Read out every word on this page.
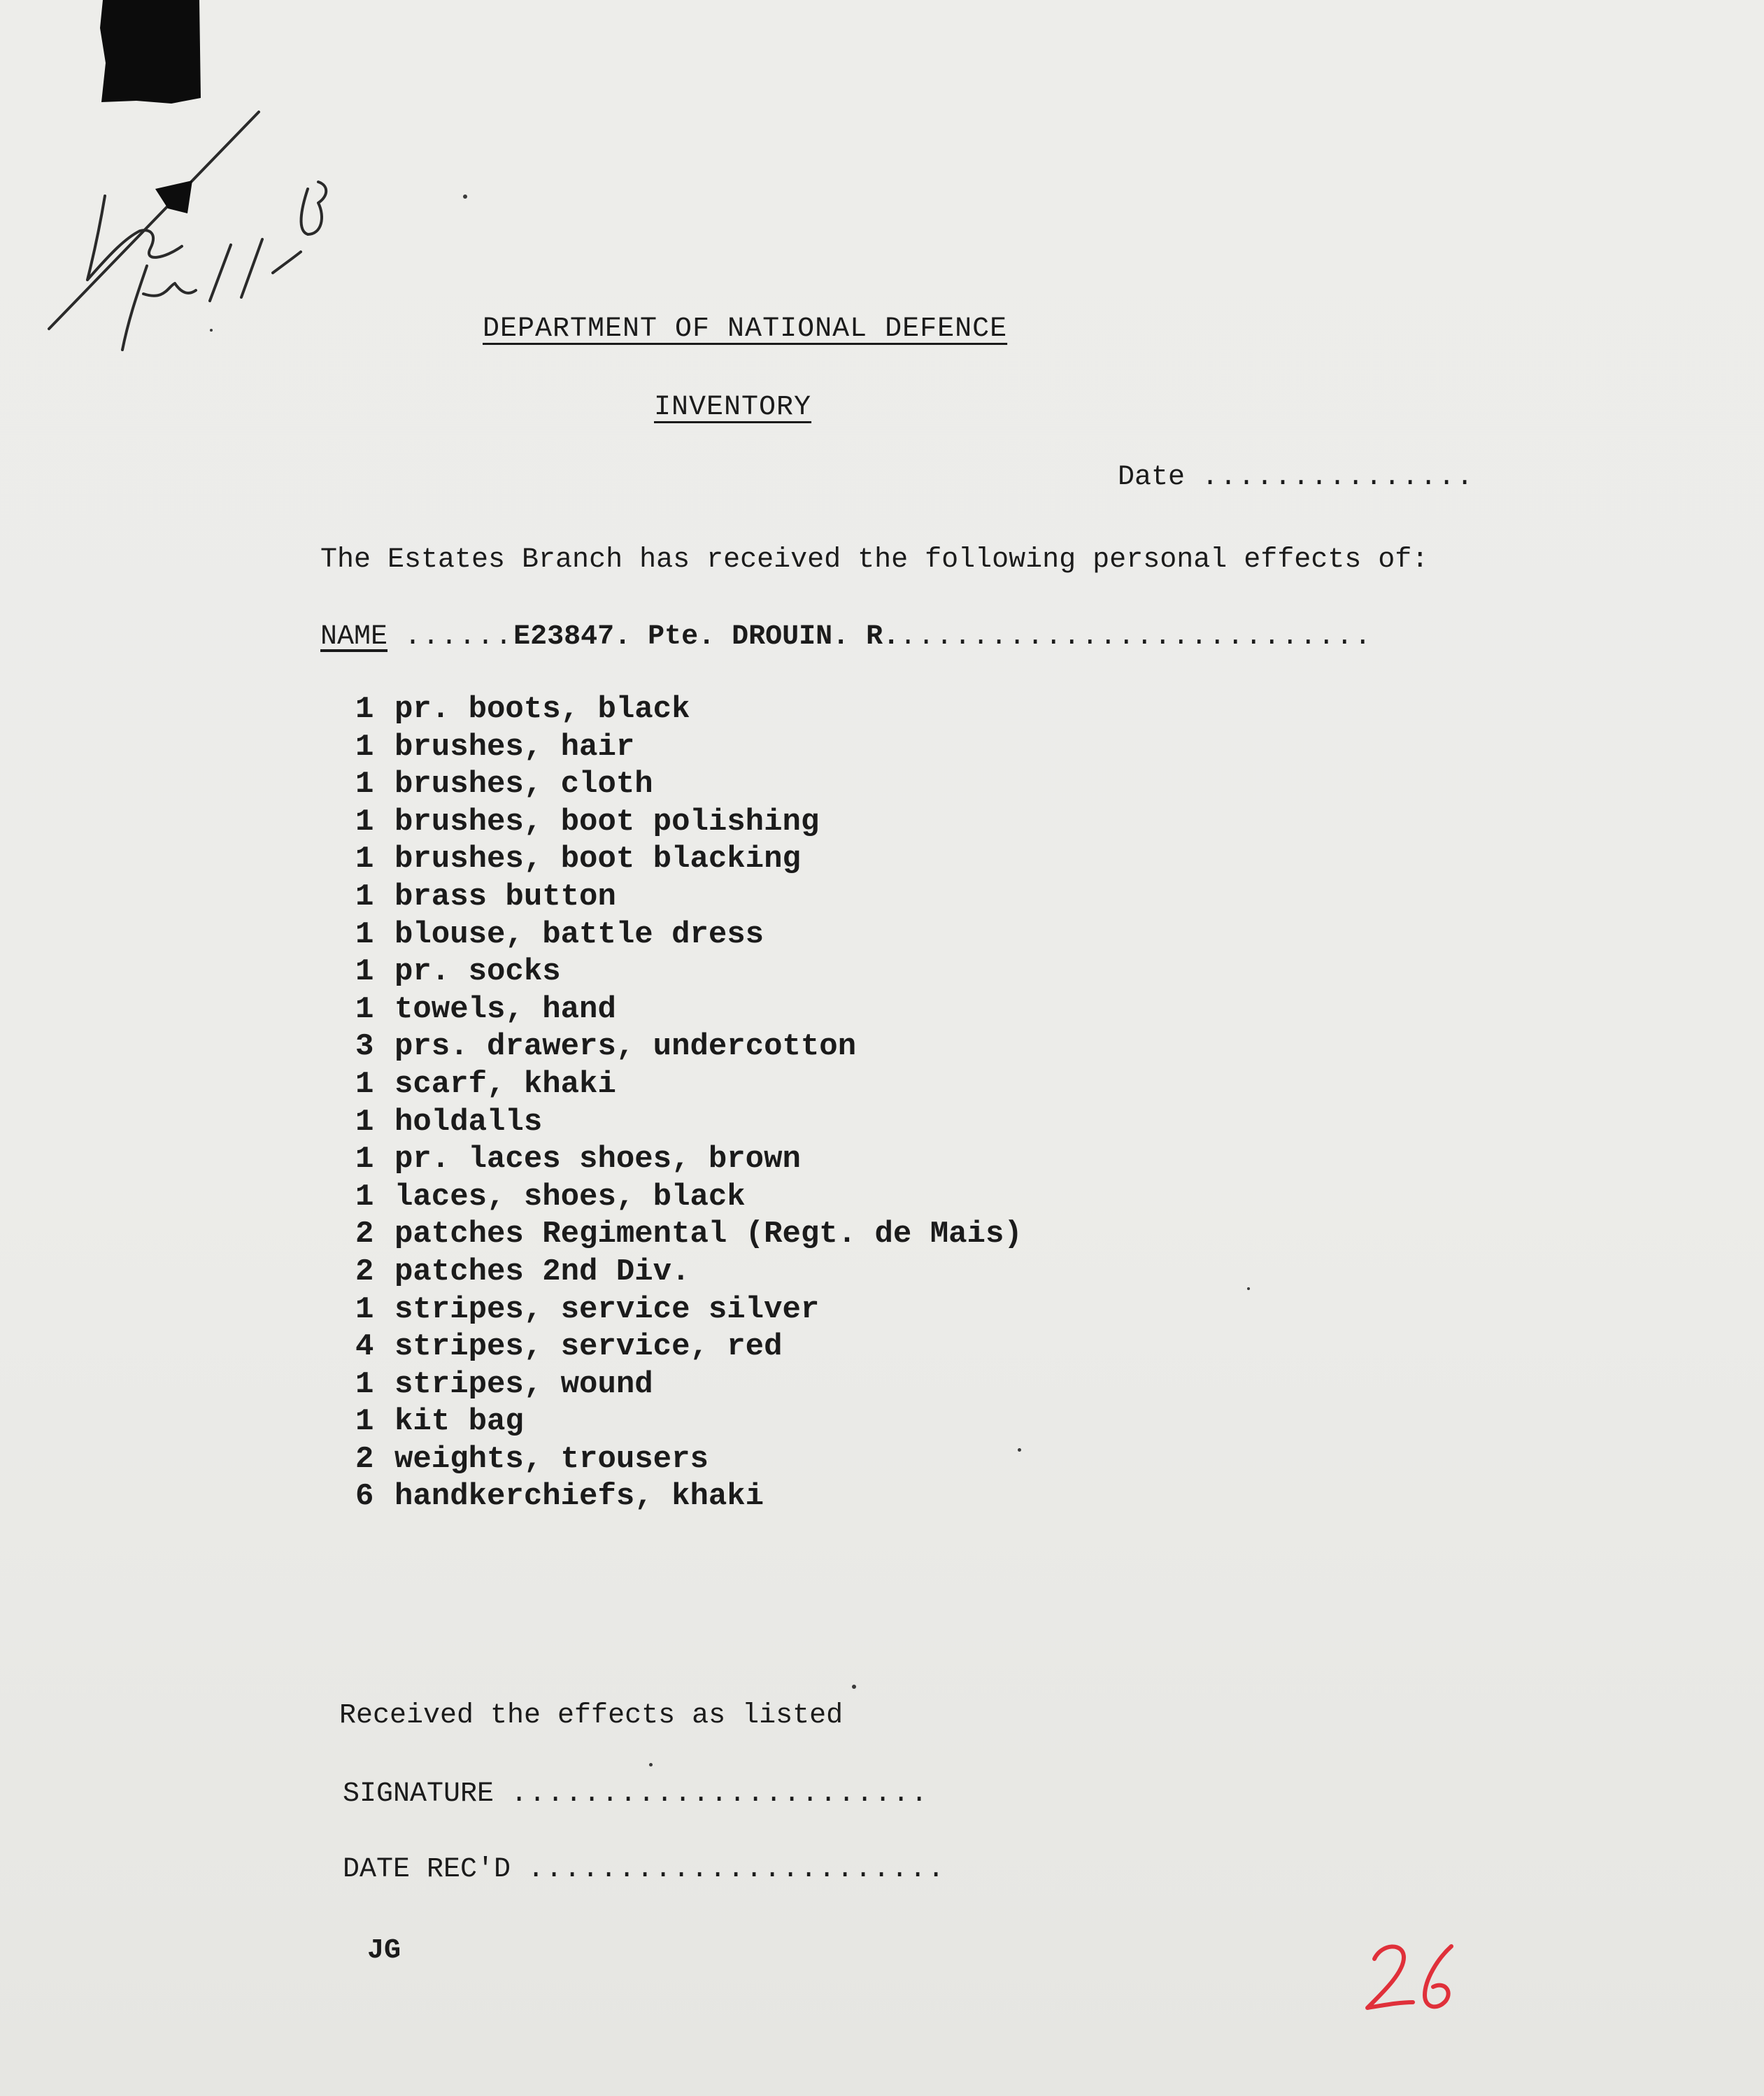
DEPARTMENT OF NATIONAL DEFENCE
INVENTORY
Date ...............
The Estates Branch has received the following personal effects of:
NAME ......E23847. Pte. DROUIN. R...........................
1 pr. boots, black
1 brushes, hair
1 brushes, cloth
1 brushes, boot polishing
1 brushes, boot blacking
1 brass button
1 blouse, battle dress
1 pr. socks
1 towels, hand
3 prs. drawers, undercotton
1 scarf, khaki
1 holdalls
1 pr. laces shoes, brown
1 laces, shoes, black
2 patches Regimental (Regt. de Mais)
2 patches 2nd Div.
1 stripes, service silver
4 stripes, service, red
1 stripes, wound
1 kit bag
2 weights, trousers
6 handkerchiefs, khaki
Received the effects as listed
SIGNATURE .......................
DATE REC'D .......................
JG
